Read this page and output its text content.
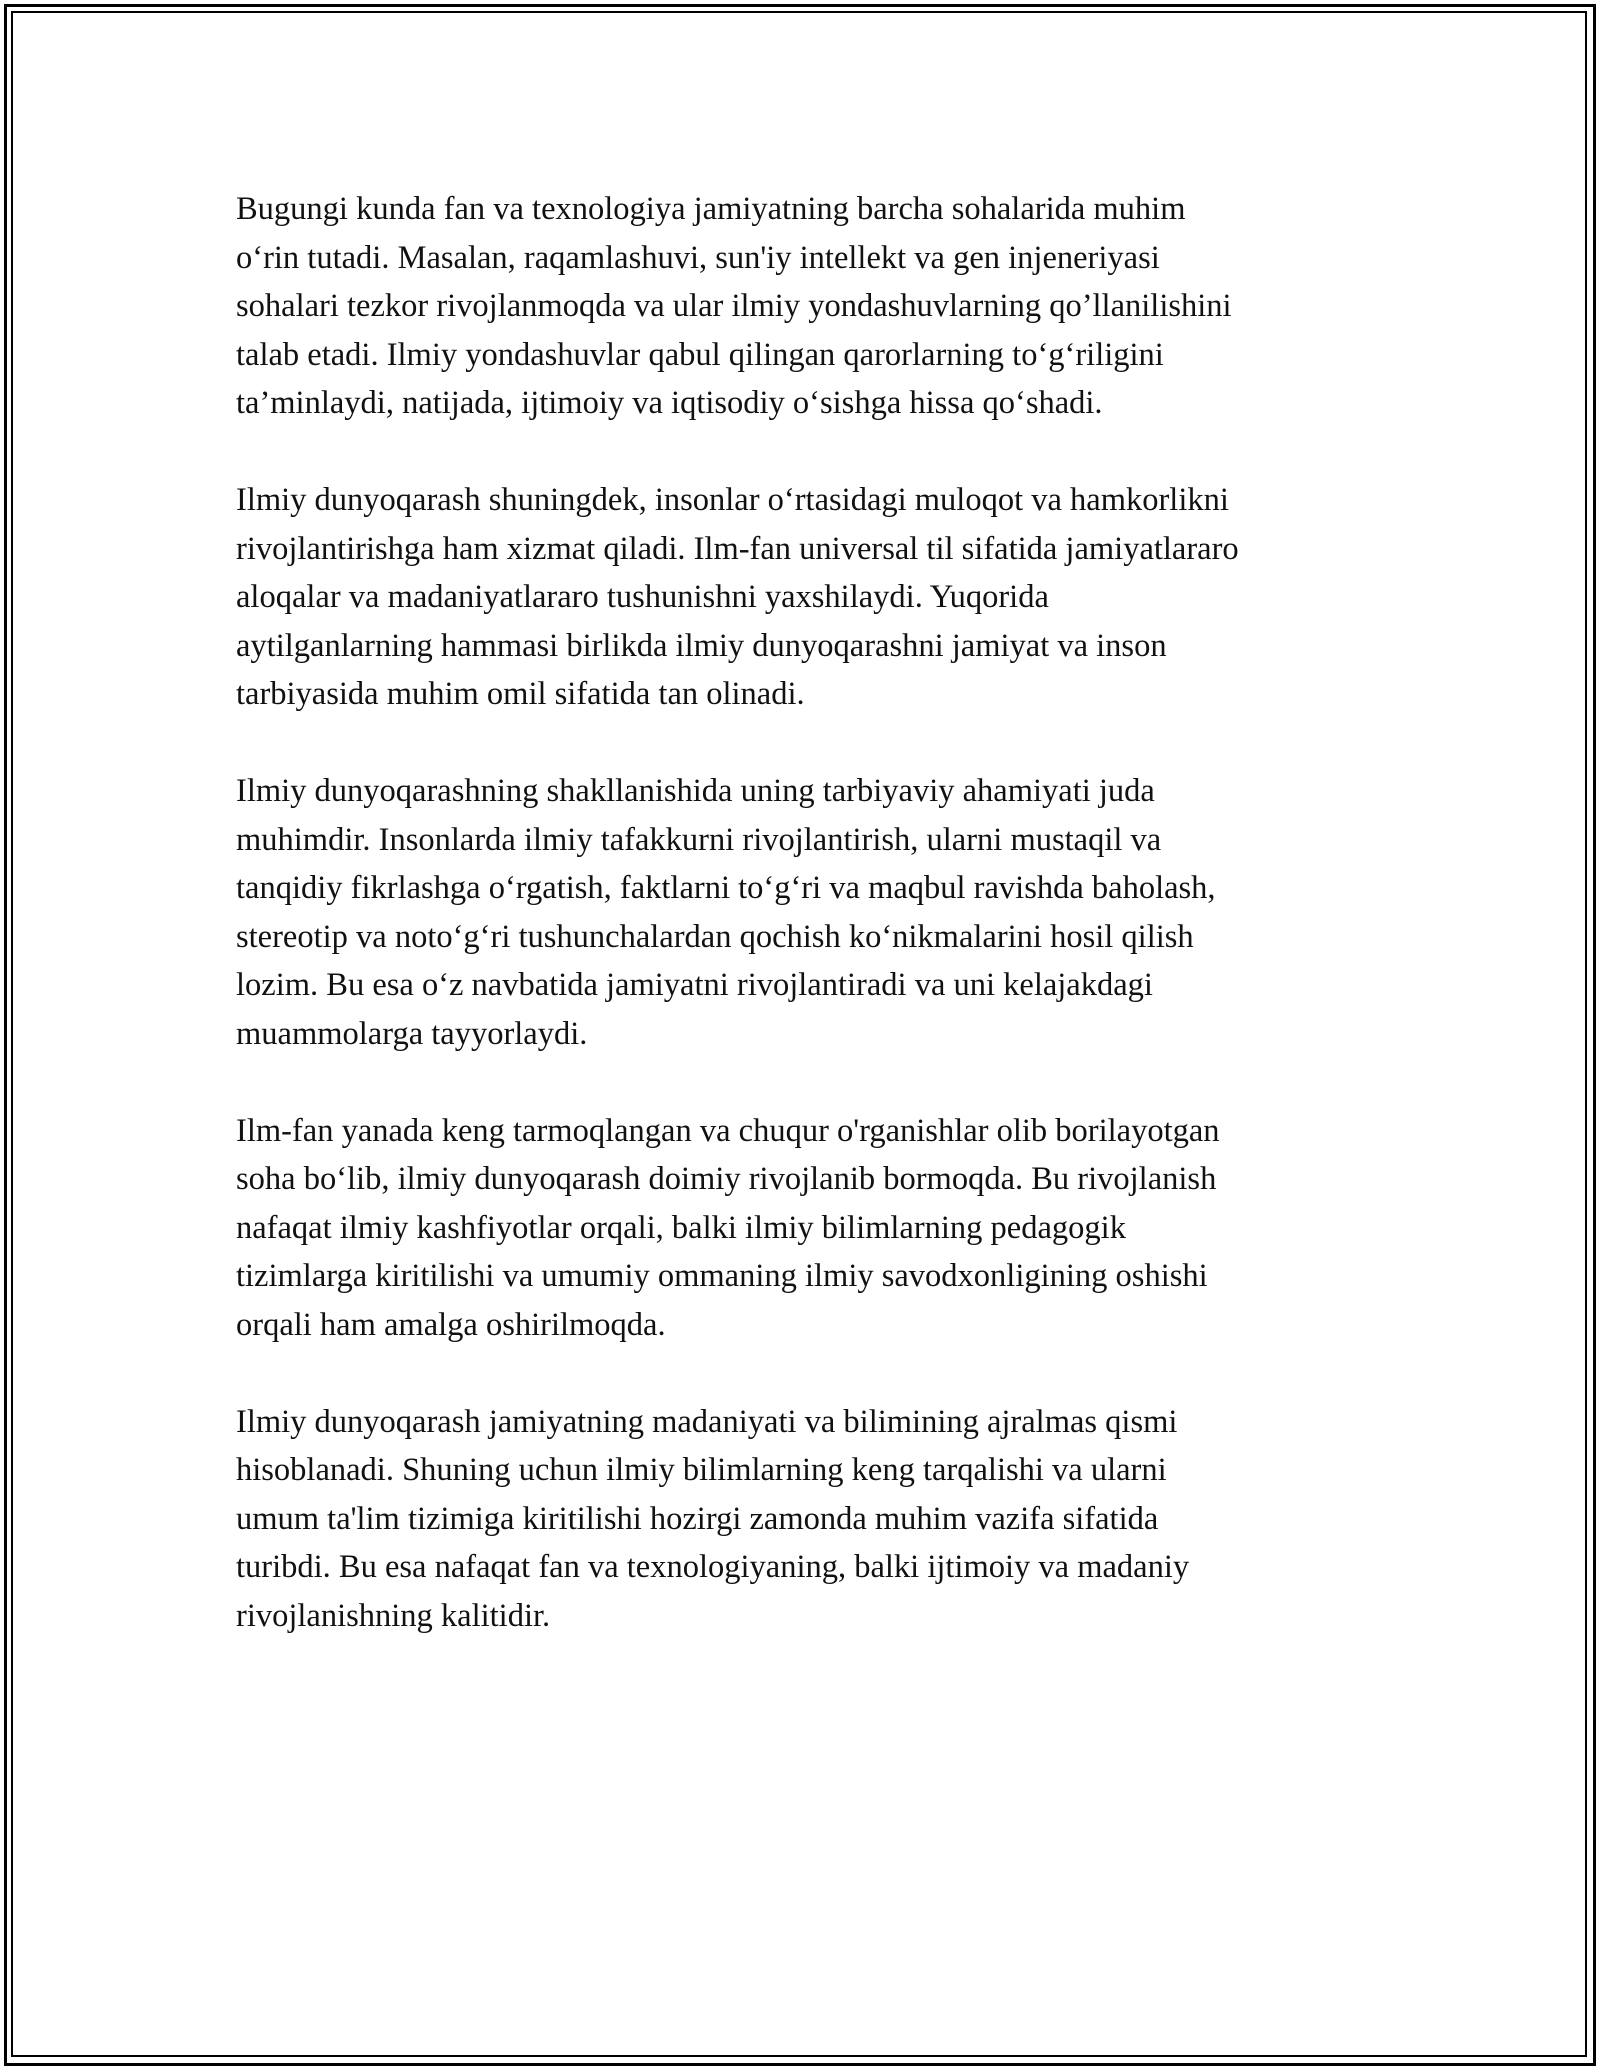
Bugungi kunda fan va texnologiya jamiyatning barcha sohalarida muhim
o‘rin tutadi. Masalan, raqamlashuvi, sun'iy intellekt va gen injeneriyasi
sohalari tezkor rivojlanmoqda va ular ilmiy yondashuvlarning qo’llanilishini
talab etadi. Ilmiy yondashuvlar qabul qilingan qarorlarning to‘g‘riligini
ta’minlaydi, natijada, ijtimoiy va iqtisodiy o‘sishga hissa qo‘shadi.

Ilmiy dunyoqarash shuningdek, insonlar o‘rtasidagi muloqot va hamkorlikni
rivojlantirishga ham xizmat qiladi. Ilm-fan universal til sifatida jamiyatlararo
aloqalar va madaniyatlararo tushunishni yaxshilaydi. Yuqorida
aytilganlarning hammasi birlikda ilmiy dunyoqarashni jamiyat va inson
tarbiyasida muhim omil sifatida tan olinadi.

Ilmiy dunyoqarashning shakllanishida uning tarbiyaviy ahamiyati juda
muhimdir. Insonlarda ilmiy tafakkurni rivojlantirish, ularni mustaqil va
tanqidiy fikrlashga o‘rgatish, faktlarni to‘g‘ri va maqbul ravishda baholash,
stereotip va noto‘g‘ri tushunchalardan qochish ko‘nikmalarini hosil qilish
lozim. Bu esa o‘z navbatida jamiyatni rivojlantiradi va uni kelajakdagi
muammolarga tayyorlaydi.

Ilm-fan yanada keng tarmoqlangan va chuqur o'rganishlar olib borilayotgan
soha bo‘lib, ilmiy dunyoqarash doimiy rivojlanib bormoqda. Bu rivojlanish
nafaqat ilmiy kashfiyotlar orqali, balki ilmiy bilimlarning pedagogik
tizimlarga kiritilishi va umumiy ommaning ilmiy savodxonligining oshishi
orqali ham amalga oshirilmoqda.

Ilmiy dunyoqarash jamiyatning madaniyati va bilimining ajralmas qismi
hisoblanadi. Shuning uchun ilmiy bilimlarning keng tarqalishi va ularni
umum ta'lim tizimiga kiritilishi hozirgi zamonda muhim vazifa sifatida
turibdi. Bu esa nafaqat fan va texnologiyaning, balki ijtimoiy va madaniy
rivojlanishning kalitidir.
